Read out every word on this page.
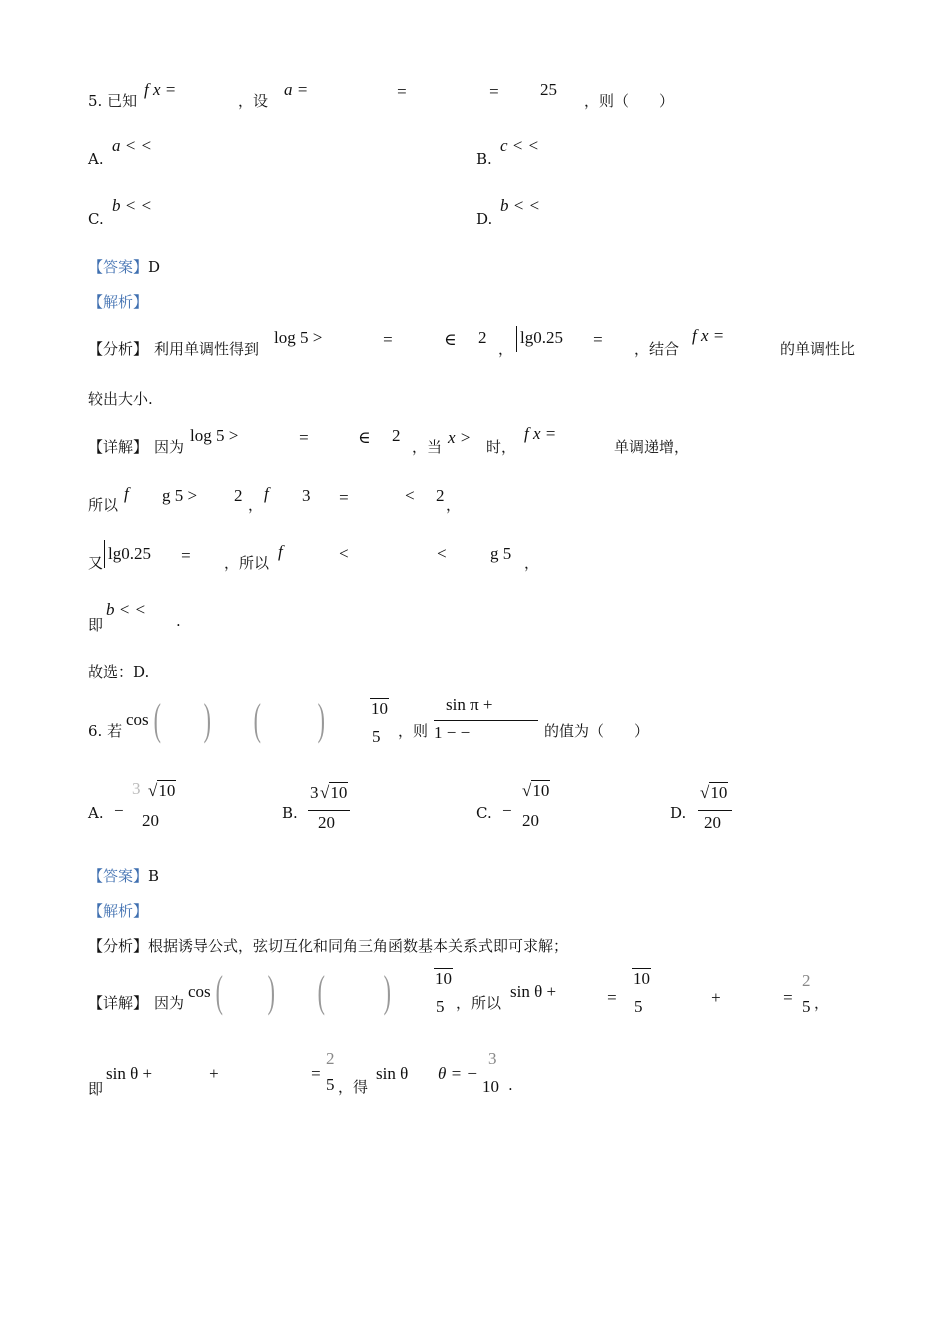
5. 已知
f x =
，设
a =	=	= 25
，则（　　）
A.
a < <
B.
c < <
C.
b < <
D.
b < <
【答案】D
【解析】
【分析】 利用单调性得到
log 5 >	=	∈ 2
，
lg0.25 = ，结合
f x =
的单调性比
较出大小.
【详解】 因为
log 5 >	=	∈ 2
，当 x > 时，
f x =
单调递增，
所以
f g 5 > 2 ，
f 3 =	< 2 ，
又 lg0.25 = ，所以
f	<	<	g 5 ，
即
b < <
.
故选：D.
6. 若
cos ( ) ( )	10
5 ，则
sin π +
1 − −	的值为（　　）
A. −
3 √10
20	B.
3 √10
20	C. −
√10
20	D.
√10
20
【答案】B
【解析】
【分析】根据诱导公式，弦切互化和同角三角函数基本关系式即可求解；
【详解】 因为
cos ( ) ( )	10
5 ，所以
sin θ +	=
10
5	+	=
2
5 ，
即
sin θ +	+	=
2
5 ，得
sin θ θ = −
3
10 .
